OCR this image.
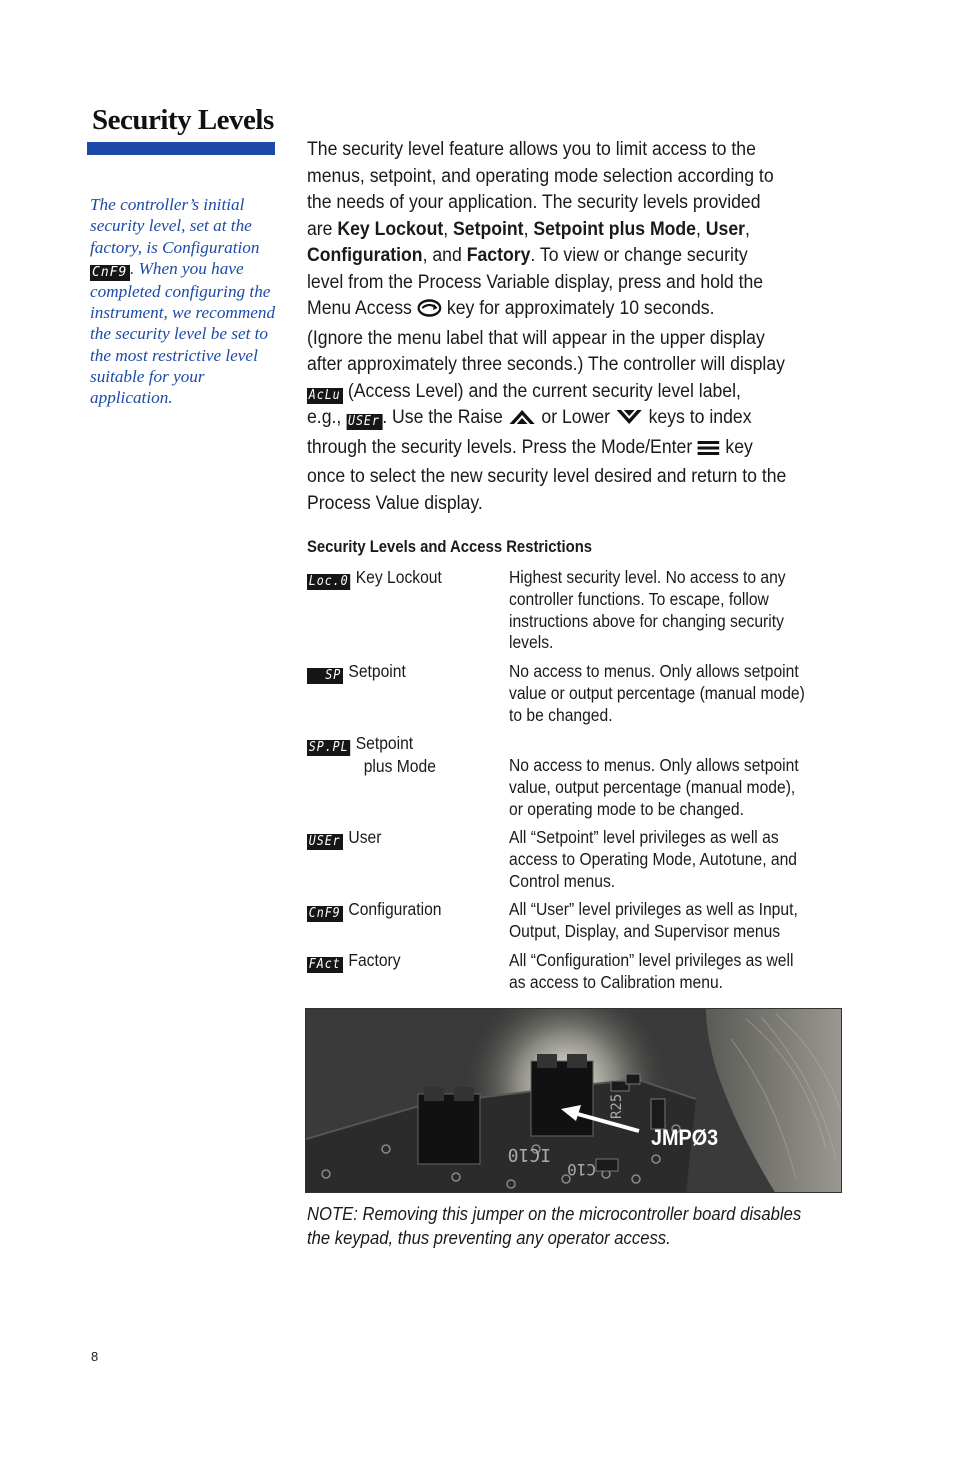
Security Levels

The controller’s initial security level, set at the factory, is Configuration CnF9 . When you have completed configuring the instrument, we recommend the security level be set to the most restrictive level suitable for your application.

The security level feature allows you to limit access to the
menus, setpoint, and operating mode selection according to
the needs of your application. The security levels provided
are Key Lockout, Setpoint, Setpoint plus Mode, User,
Configuration, and Factory. To view or change security
level from the Process Variable display, press and hold the
Menu Access  key for approximately 10 seconds.
(Ignore the menu label that will appear in the upper display
after approximately three seconds.) The controller will display
AcLu (Access Level) and the current security level label,
e.g., USEr . Use the Raise  or Lower  keys to index
through the security levels. Press the Mode/Enter  key
once to select the new security level desired and return to the
Process Value display.

Security Levels and Access Restrictions

Loc.0 Key Lockout	Highest security level. No access to any
controller functions. To escape, follow
instructions above for changing security
levels.
SP Setpoint	No access to menus. Only allows setpoint
value or output percentage (manual mode)
to be changed.
SP.PL Setpoint
plus Mode	No access to menus. Only allows setpoint
value, output percentage (manual mode),
or operating mode to be changed.
USEr User	All “Setpoint” level privileges as well as
access to Operating Mode, Autotune, and
Control menus.
CnF9 Configuration	All “User” level privileges as well as Input,
Output, Display, and Supervisor menus
FAct Factory	All “Configuration” level privileges as well
as access to Calibration menu.
IC10
C10
R25
JMPØ3

NOTE: Removing this jumper on the microcontroller board disables
the keypad, thus preventing any operator access.

8
